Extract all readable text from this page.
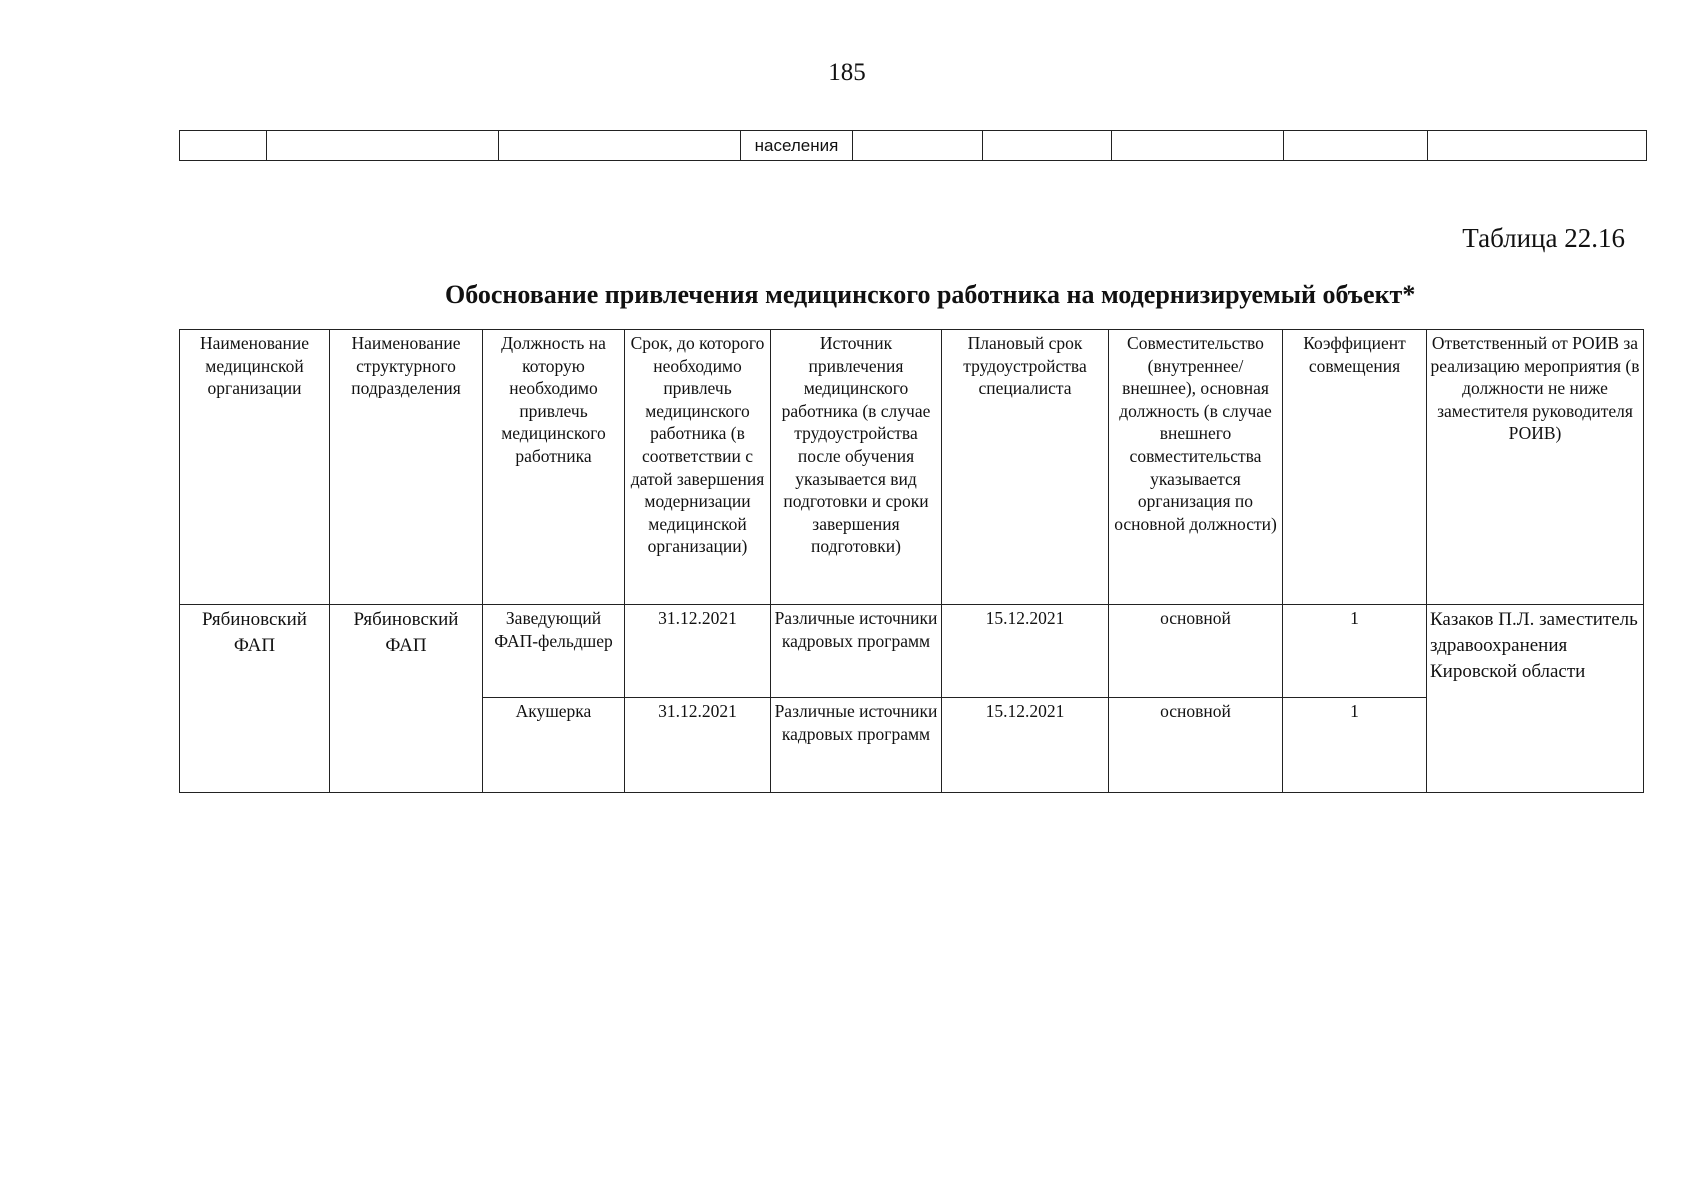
185
			населения					
Таблица 22.16
Обоснование привлечения медицинского работника на модернизируемый объект*
Наименование медицинской организации	Наименование структурного подразделения	Должность на которую необходимо привлечь медицинского работника	Срок, до которого необходимо привлечь медицинского работника (в соответствии с датой завершения модернизации медицинской организации)	Источник привлечения медицинского работника (в случае трудоустройства после обучения указывается вид подготовки и сроки завершения подготовки)	Плановый срок трудоустройства специалиста	Совместительство (внутреннее/внешнее), основная должность (в случае внешнего совместительства указывается организация по основной должности)	Коэффициент совмещения	Ответственный от РОИВ за реализацию мероприятия (в должности не ниже заместителя руководителя РОИВ)
Рябиновский ФАП	Рябиновский ФАП	Заведующий ФАП-фельдшер	31.12.2021	Различные источники кадровых программ	15.12.2021	основной	1	Казаков П.Л. заместитель здравоохранения Кировской области
		Акушерка	31.12.2021	Различные источники кадровых программ	15.12.2021	основной	1	
